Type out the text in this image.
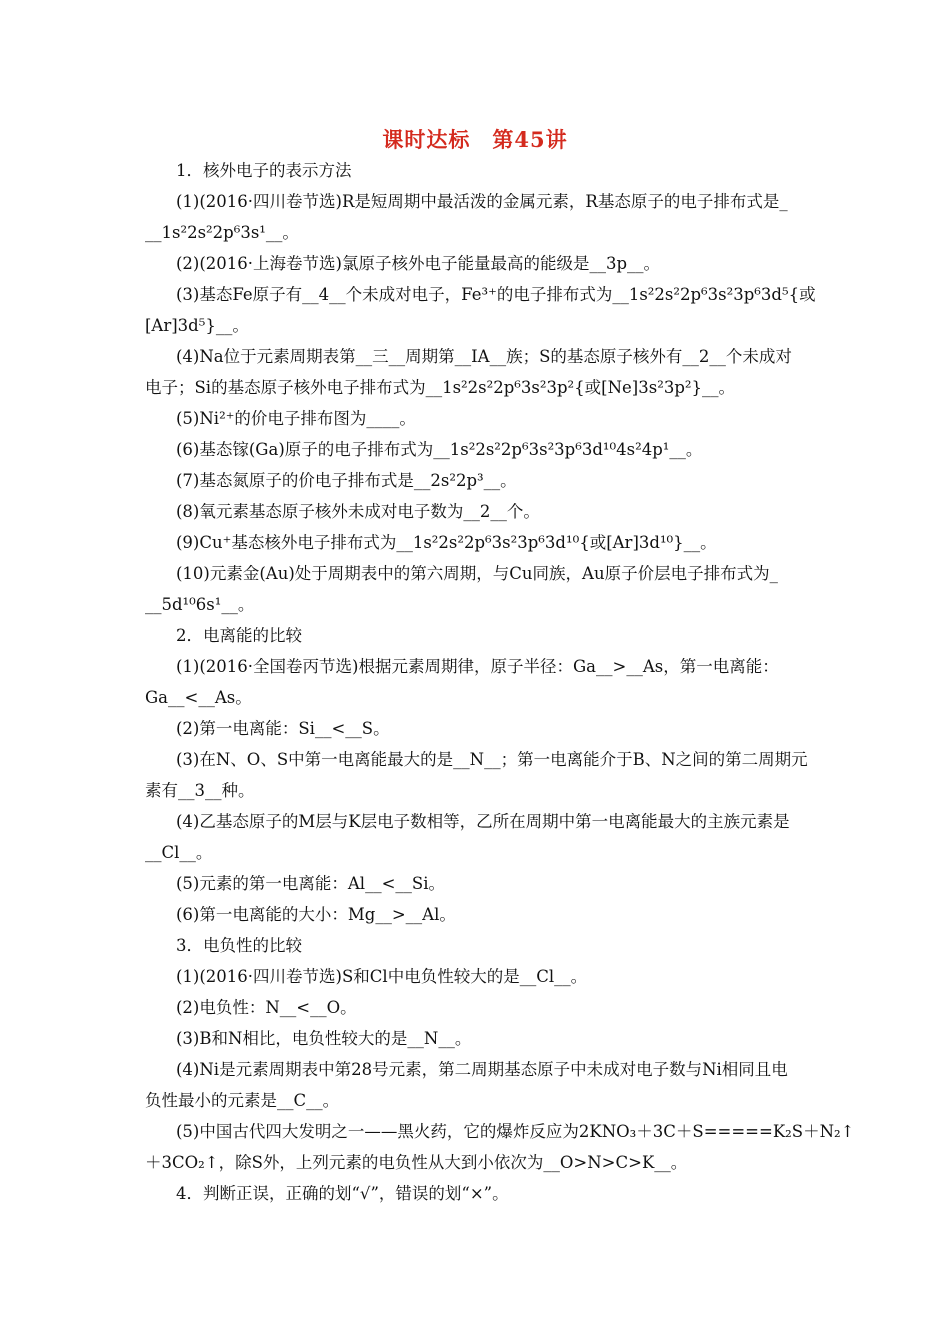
课时达标　第45讲
1．核外电子的表示方法
(1)(2016·四川卷节选)R是短周期中最活泼的金属元素，R基态原子的电子排布式是_
__1s²2s²2p⁶3s¹__。
(2)(2016·上海卷节选)氯原子核外电子能量最高的能级是__3p__。
(3)基态Fe原子有__4__个未成对电子，Fe³⁺的电子排布式为__1s²2s²2p⁶3s²3p⁶3d⁵{或
[Ar]3d⁵}__。
(4)Na位于元素周期表第__三__周期第__ⅠA__族；S的基态原子核外有__2__个未成对
电子；Si的基态原子核外电子排布式为__1s²2s²2p⁶3s²3p²{或[Ne]3s²3p²}__。
(5)Ni²⁺的价电子排布图为____。
(6)基态镓(Ga)原子的电子排布式为__1s²2s²2p⁶3s²3p⁶3d¹⁰4s²4p¹__。
(7)基态氮原子的价电子排布式是__2s²2p³__。
(8)氧元素基态原子核外未成对电子数为__2__个。
(9)Cu⁺基态核外电子排布式为__1s²2s²2p⁶3s²3p⁶3d¹⁰{或[Ar]3d¹⁰}__。
(10)元素金(Au)处于周期表中的第六周期，与Cu同族，Au原子价层电子排布式为_
__5d¹⁰6s¹__。
2．电离能的比较
(1)(2016·全国卷丙节选)根据元素周期律，原子半径：Ga__>__As，第一电离能：
Ga__<__As。
(2)第一电离能：Si__<__S。
(3)在N、O、S中第一电离能最大的是__N__；第一电离能介于B、N之间的第二周期元
素有__3__种。
(4)乙基态原子的M层与K层电子数相等，乙所在周期中第一电离能最大的主族元素是
__Cl__。
(5)元素的第一电离能：Al__<__Si。
(6)第一电离能的大小：Mg__>__Al。
3．电负性的比较
(1)(2016·四川卷节选)S和Cl中电负性较大的是__Cl__。
(2)电负性：N__<__O。
(3)B和N相比，电负性较大的是__N__。
(4)Ni是元素周期表中第28号元素，第二周期基态原子中未成对电子数与Ni相同且电
负性最小的元素是__C__。
(5)中国古代四大发明之一——黑火药，它的爆炸反应为2KNO₃＋3C＋S=====K₂S＋N₂↑
＋3CO₂↑，除S外，上列元素的电负性从大到小依次为__O>N>C>K__。
4．判断正误，正确的划“√”，错误的划“×”。
